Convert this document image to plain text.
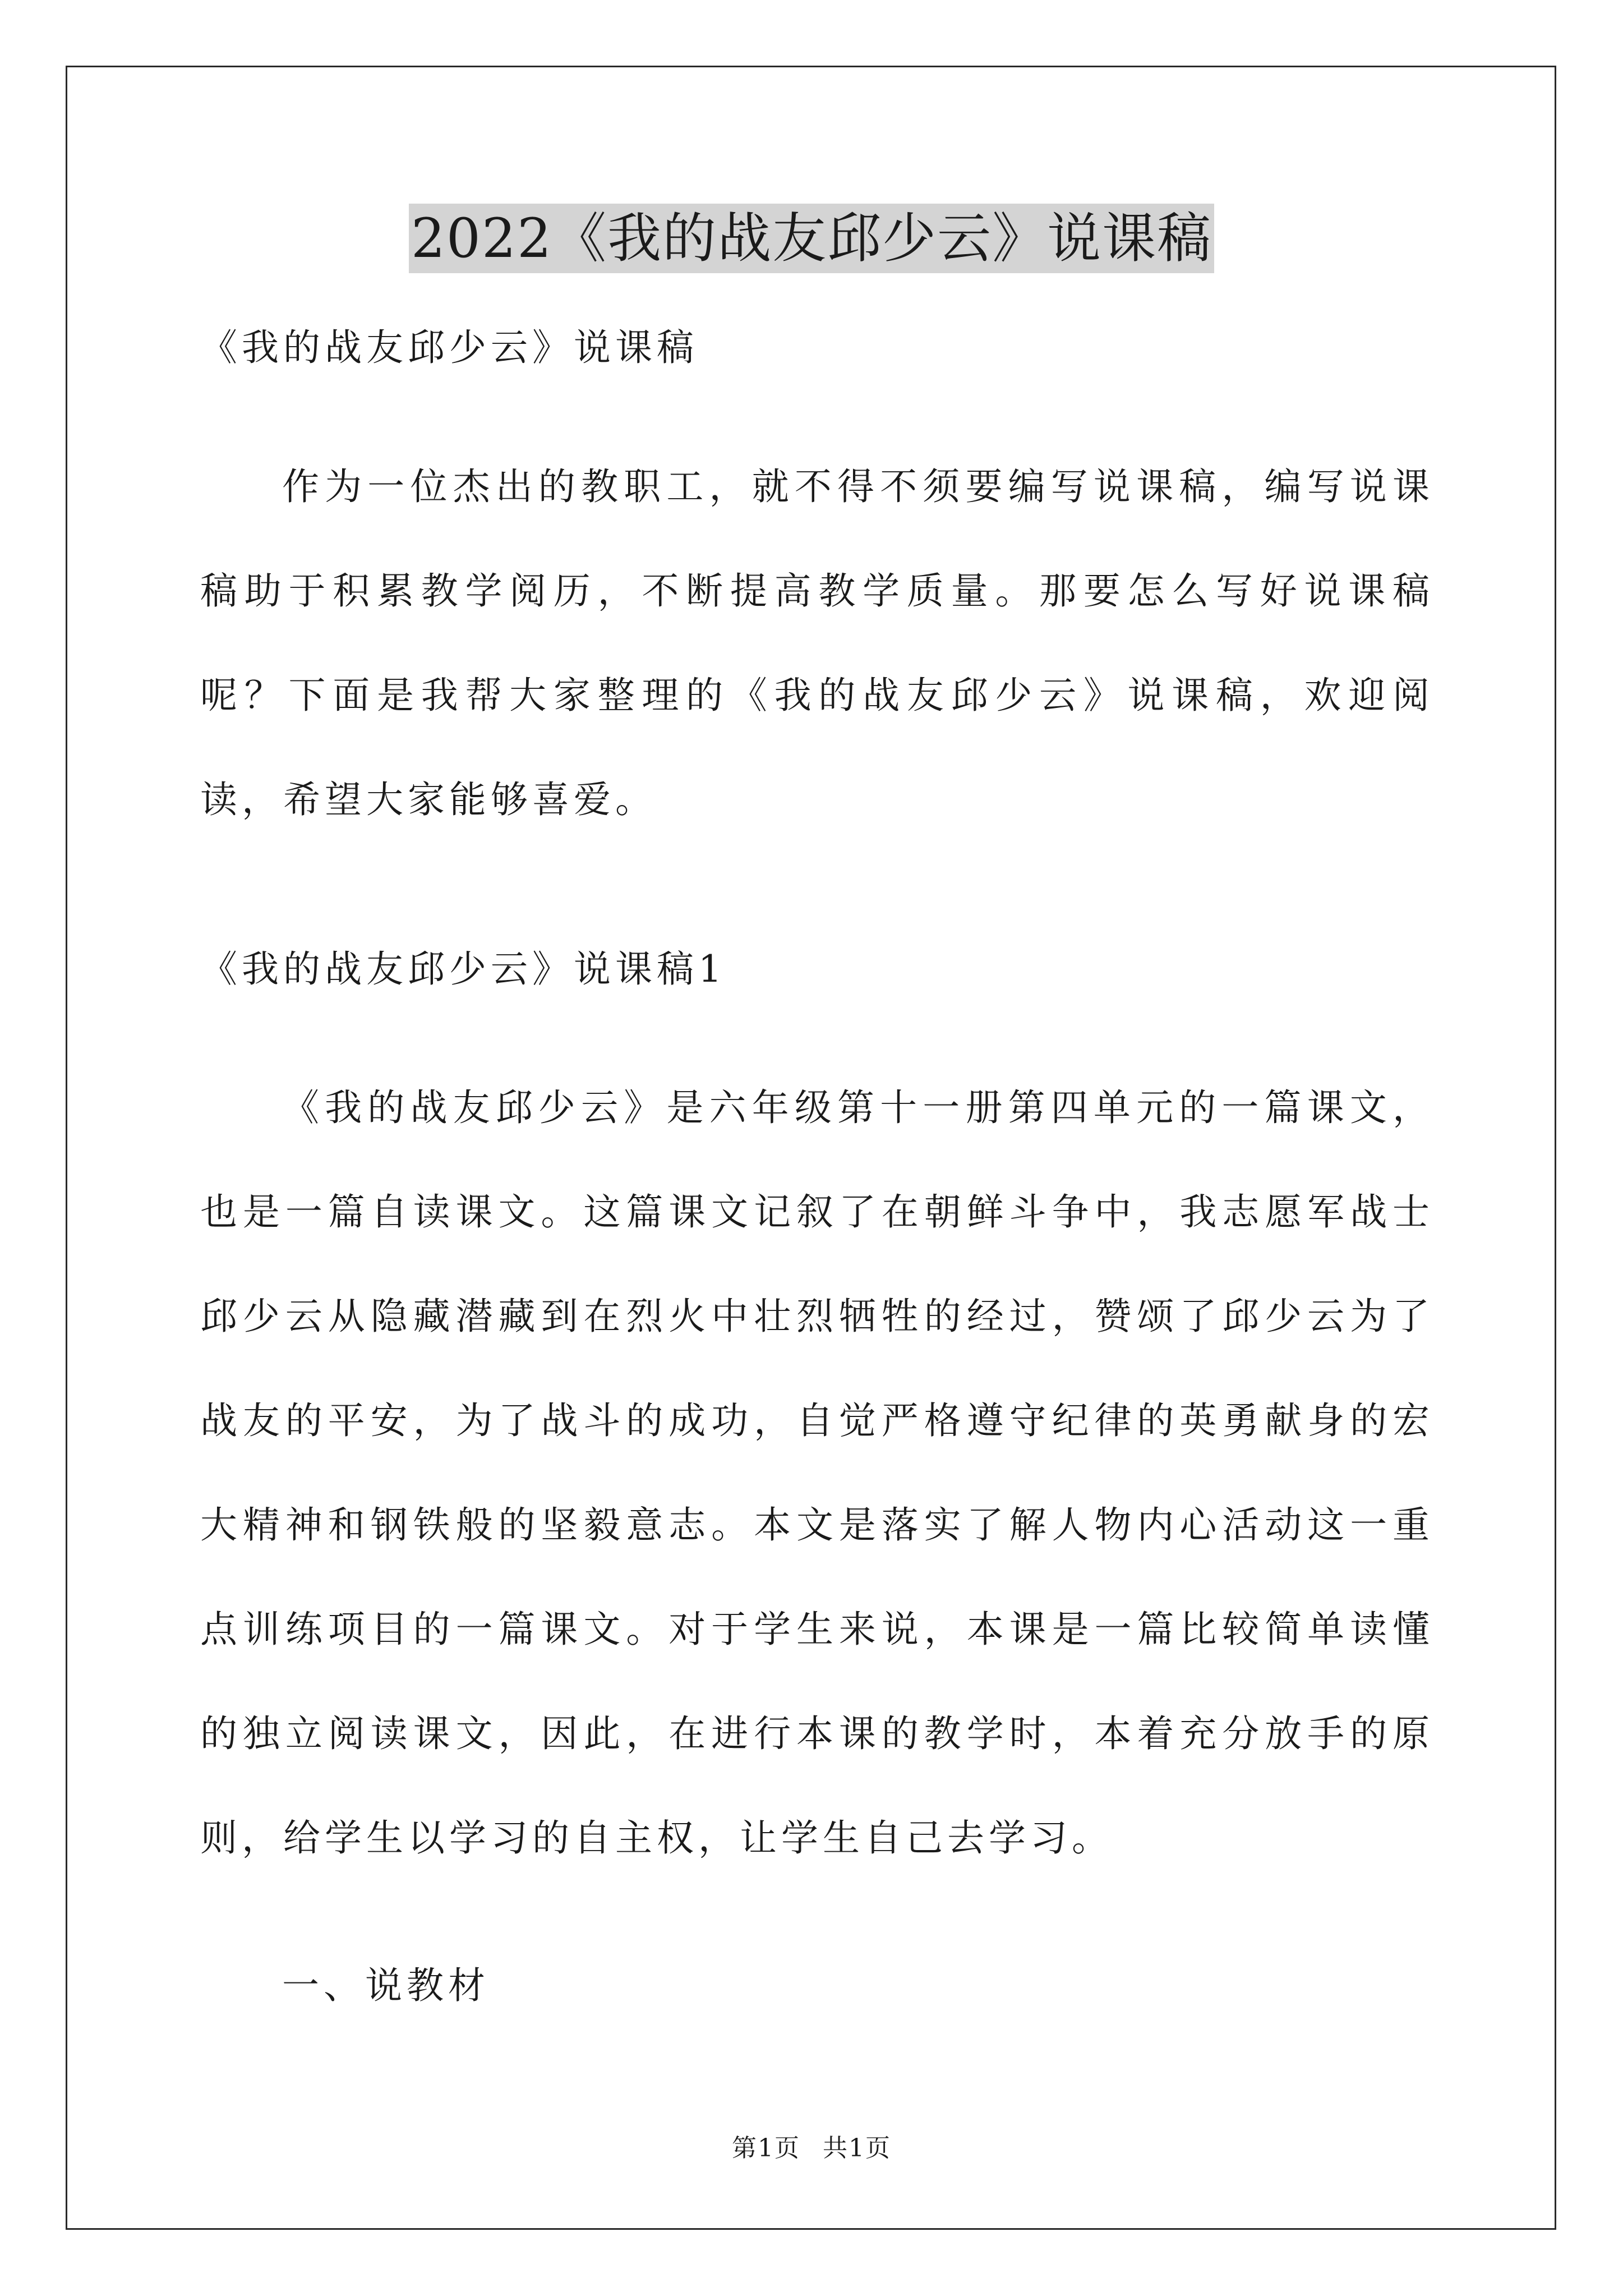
2022《我的战友邱少云》说课稿

《我的战友邱少云》说课稿

作为一位杰出的教职工，就不得不须要编写说课稿，编写说课稿助于积累教学阅历，不断提高教学质量。那要怎么写好说课稿呢？下面是我帮大家整理的《我的战友邱少云》说课稿，欢迎阅读，希望大家能够喜爱。

《我的战友邱少云》说课稿1

《我的战友邱少云》是六年级第十一册第四单元的一篇课文，也是一篇自读课文。这篇课文记叙了在朝鲜斗争中，我志愿军战士邱少云从隐藏潜藏到在烈火中壮烈牺牲的经过，赞颂了邱少云为了战友的平安，为了战斗的成功，自觉严格遵守纪律的英勇献身的宏大精神和钢铁般的坚毅意志。本文是落实了解人物内心活动这一重点训练项目的一篇课文。对于学生来说，本课是一篇比较简单读懂的独立阅读课文，因此，在进行本课的教学时，本着充分放手的原则，给学生以学习的自主权，让学生自己去学习。

一、说教材

第1页 共1页
